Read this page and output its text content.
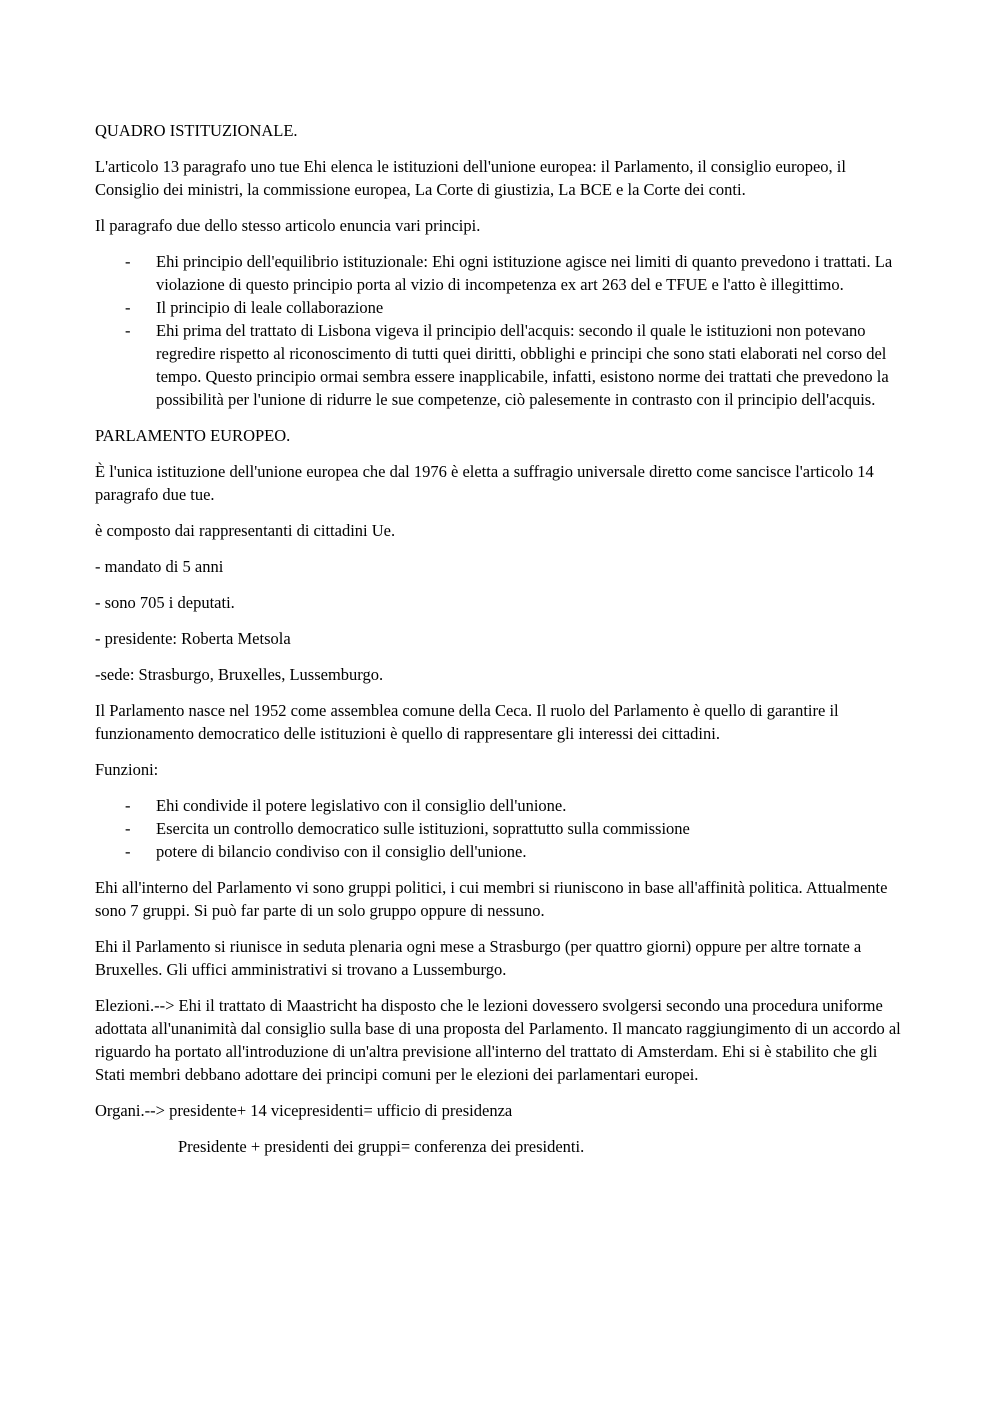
QUADRO ISTITUZIONALE.

L'articolo 13 paragrafo uno tue Ehi elenca le istituzioni dell'unione europea: il Parlamento, il consiglio europeo, il Consiglio dei ministri, la commissione europea, La Corte di giustizia, La BCE e la Corte dei conti.

Il paragrafo due dello stesso articolo enuncia vari principi.

- Ehi principio dell'equilibrio istituzionale: Ehi ogni istituzione agisce nei limiti di quanto prevedono i trattati. La violazione di questo principio porta al vizio di incompetenza ex art 263 del e TFUE e l'atto è illegittimo.
- Il principio di leale collaborazione
- Ehi prima del trattato di Lisbona vigeva il principio dell'acquis: secondo il quale le istituzioni non potevano regredire rispetto al riconoscimento di tutti quei diritti, obblighi e principi che sono stati elaborati nel corso del tempo. Questo principio ormai sembra essere inapplicabile, infatti, esistono norme dei trattati che prevedono la possibilità per l'unione di ridurre le sue competenze, ciò palesemente in contrasto con il principio dell'acquis.

PARLAMENTO EUROPEO.

È l'unica istituzione dell'unione europea che dal 1976 è eletta a suffragio universale diretto come sancisce l'articolo 14 paragrafo due tue.

è composto dai rappresentanti di cittadini Ue.

- mandato di 5 anni

- sono 705 i deputati.

- presidente: Roberta Metsola

-sede: Strasburgo, Bruxelles, Lussemburgo.

Il Parlamento nasce nel 1952 come assemblea comune della Ceca. Il ruolo del Parlamento è quello di garantire il funzionamento democratico delle istituzioni è quello di rappresentare gli interessi dei cittadini.

Funzioni:

- Ehi condivide il potere legislativo con il consiglio dell'unione.
- Esercita un controllo democratico sulle istituzioni, soprattutto sulla commissione
- potere di bilancio condiviso con il consiglio dell'unione.

Ehi all'interno del Parlamento vi sono gruppi politici, i cui membri si riuniscono in base all'affinità politica. Attualmente sono 7 gruppi. Si può far parte di un solo gruppo oppure di nessuno.

Ehi il Parlamento si riunisce in seduta plenaria ogni mese a Strasburgo (per quattro giorni) oppure per altre tornate a Bruxelles. Gli uffici amministrativi si trovano a Lussemburgo.

Elezioni.--> Ehi il trattato di Maastricht ha disposto che le lezioni dovessero svolgersi secondo una procedura uniforme adottata all'unanimità dal consiglio sulla base di una proposta del Parlamento. Il mancato raggiungimento di un accordo al riguardo ha portato all'introduzione di un'altra previsione all'interno del trattato di Amsterdam. Ehi si è stabilito che gli Stati membri debbano adottare dei principi comuni per le elezioni dei parlamentari europei.

Organi.--> presidente+ 14 vicepresidenti= ufficio di presidenza

Presidente + presidenti dei gruppi= conferenza dei presidenti.
